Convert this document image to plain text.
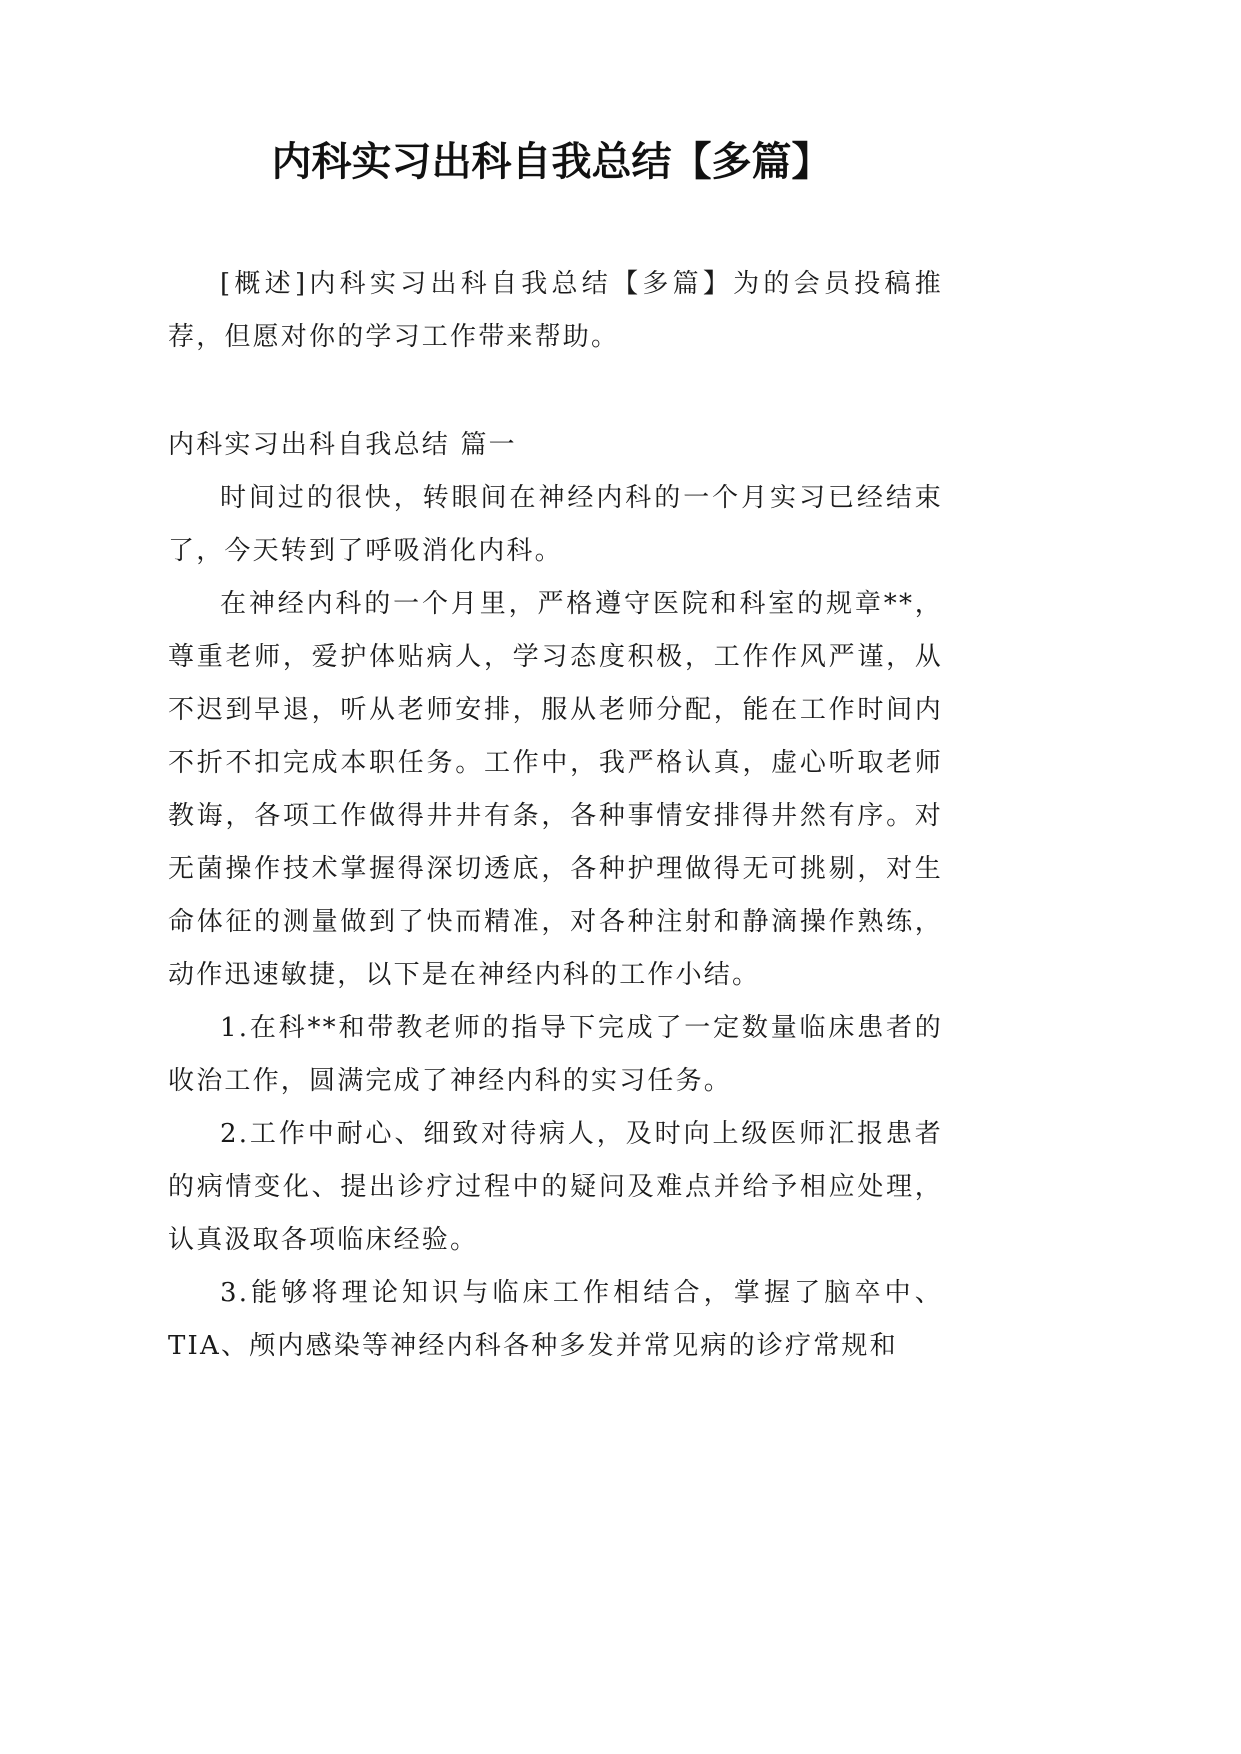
内科实习出科自我总结【多篇】

[概述]内科实习出科自我总结【多篇】为的会员投稿推荐，但愿对你的学习工作带来帮助。

内科实习出科自我总结 篇一

时间过的很快，转眼间在神经内科的一个月实习已经结束了，今天转到了呼吸消化内科。

在神经内科的一个月里，严格遵守医院和科室的规章**，尊重老师，爱护体贴病人，学习态度积极，工作作风严谨，从不迟到早退，听从老师安排，服从老师分配，能在工作时间内不折不扣完成本职任务。工作中，我严格认真，虚心听取老师教诲，各项工作做得井井有条，各种事情安排得井然有序。对无菌操作技术掌握得深切透底，各种护理做得无可挑剔，对生命体征的测量做到了快而精准，对各种注射和静滴操作熟练，动作迅速敏捷，以下是在神经内科的工作小结。

1.在科**和带教老师的指导下完成了一定数量临床患者的收治工作，圆满完成了神经内科的实习任务。

2.工作中耐心、细致对待病人，及时向上级医师汇报患者的病情变化、提出诊疗过程中的疑问及难点并给予相应处理，认真汲取各项临床经验。

3.能够将理论知识与临床工作相结合，掌握了脑卒中、TIA、颅内感染等神经内科各种多发并常见病的诊疗常规和
